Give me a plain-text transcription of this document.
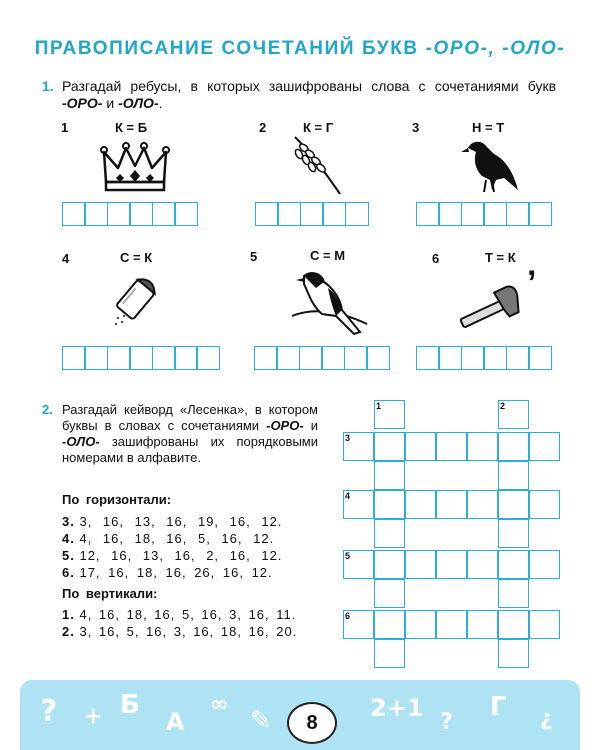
ПРАВОПИСАНИЕ СОЧЕТАНИЙ БУКВ -ОРО-, -ОЛО-
1. Разгадай ребусы, в которых зашифрованы слова с сочетаниями букв -ОРО- и -ОЛО-.
1	К = Б	2	К = Г	3	Н = Т
4	С = К	5	С = М	6	Т = К
’
2. Разгадай кейворд «Лесенка», в котором буквы в словах с сочетаниями -ОРО- и -ОЛО- зашифрованы их порядковыми номерами в алфавите.
По горизонтали:
3. 3, 16, 13, 16, 19, 16, 12.
4. 4, 16, 18, 16, 5, 16, 12.
5. 12, 16, 13, 16, 2, 16, 12.
6. 17, 16, 18, 16, 26, 16, 12.
По вертикали:
1. 4, 16, 18, 16, 5, 16, 3, 16, 11.
2. 3, 16, 5, 16, 3, 16, 18, 16, 20.
1	2
3
4
5
6
? + Б
A
∞
✎	2+1
?
Г ¿
8
